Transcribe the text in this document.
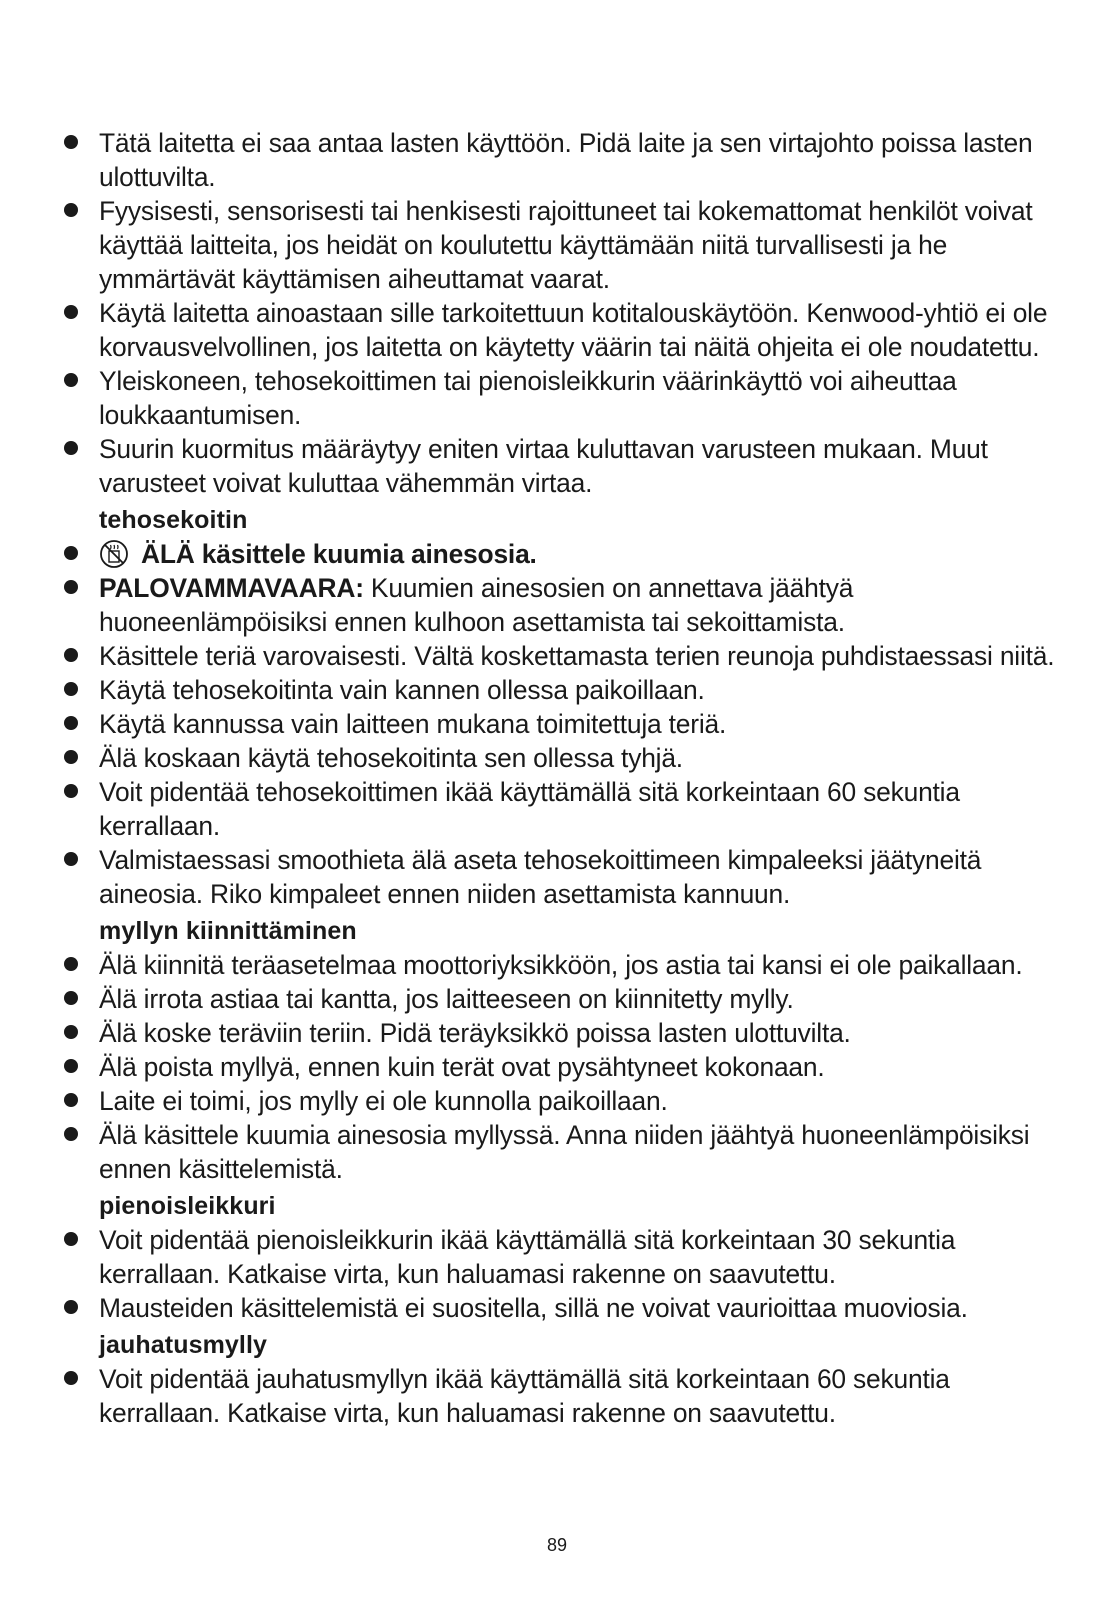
Tätä laitetta ei saa antaa lasten käyttöön. Pidä laite ja sen virtajohto poissa lasten ulottuvilta.
Fyysisesti, sensorisesti tai henkisesti rajoittuneet tai kokemattomat henkilöt voivat käyttää laitteita, jos heidät on koulutettu käyttämään niitä turvallisesti ja he ymmärtävät käyttämisen aiheuttamat vaarat.
Käytä laitetta ainoastaan sille tarkoitettuun kotitalouskäytöön. Kenwood-yhtiö ei ole korvausvelvollinen, jos laitetta on käytetty väärin tai näitä ohjeita ei ole noudatettu.
Yleiskoneen, tehosekoittimen tai pienoisleikkurin väärinkäyttö voi aiheuttaa loukkaantumisen.
Suurin kuormitus määräytyy eniten virtaa kuluttavan varusteen mukaan. Muut varusteet voivat kuluttaa vähemmän virtaa.
tehosekoitin
ÄLÄ käsittele kuumia ainesosia.
PALOVAMMAVAARA: Kuumien ainesosien on annettava jäähtyä huoneenlämpöisiksi ennen kulhoon asettamista tai sekoittamista.
Käsittele teriä varovaisesti. Vältä koskettamasta terien reunoja puhdistaessasi niitä.
Käytä tehosekoitinta vain kannen ollessa paikoillaan.
Käytä kannussa vain laitteen mukana toimitettuja teriä.
Älä koskaan käytä tehosekoitinta sen ollessa tyhjä.
Voit pidentää tehosekoittimen ikää käyttämällä sitä korkeintaan 60 sekuntia kerrallaan.
Valmistaessasi smoothieta älä aseta tehosekoittimeen kimpaleeksi jäätyneitä aineosia. Riko kimpaleet ennen niiden asettamista kannuun.
myllyn kiinnittäminen
Älä kiinnitä teräasetelmaa moottoriyksikköön, jos astia tai kansi ei ole paikallaan.
Älä irrota astiaa tai kantta, jos laitteeseen on kiinnitetty mylly.
Älä koske teräviin teriin. Pidä teräyksikkö poissa lasten ulottuvilta.
Älä poista myllyä, ennen kuin terät ovat pysähtyneet kokonaan.
Laite ei toimi, jos mylly ei ole kunnolla paikoillaan.
Älä käsittele kuumia ainesosia myllyssä. Anna niiden jäähtyä huoneenlämpöisiksi ennen käsittelemistä.
pienoisleikkuri
Voit pidentää pienoisleikkurin ikää käyttämällä sitä korkeintaan 30 sekuntia kerrallaan. Katkaise virta, kun haluamasi rakenne on saavutettu.
Mausteiden käsittelemistä ei suositella, sillä ne voivat vaurioittaa muoviosia.
jauhatusmylly
Voit pidentää jauhatusmyllyn ikää käyttämällä sitä korkeintaan 60 sekuntia kerrallaan. Katkaise virta, kun haluamasi rakenne on saavutettu.
89
